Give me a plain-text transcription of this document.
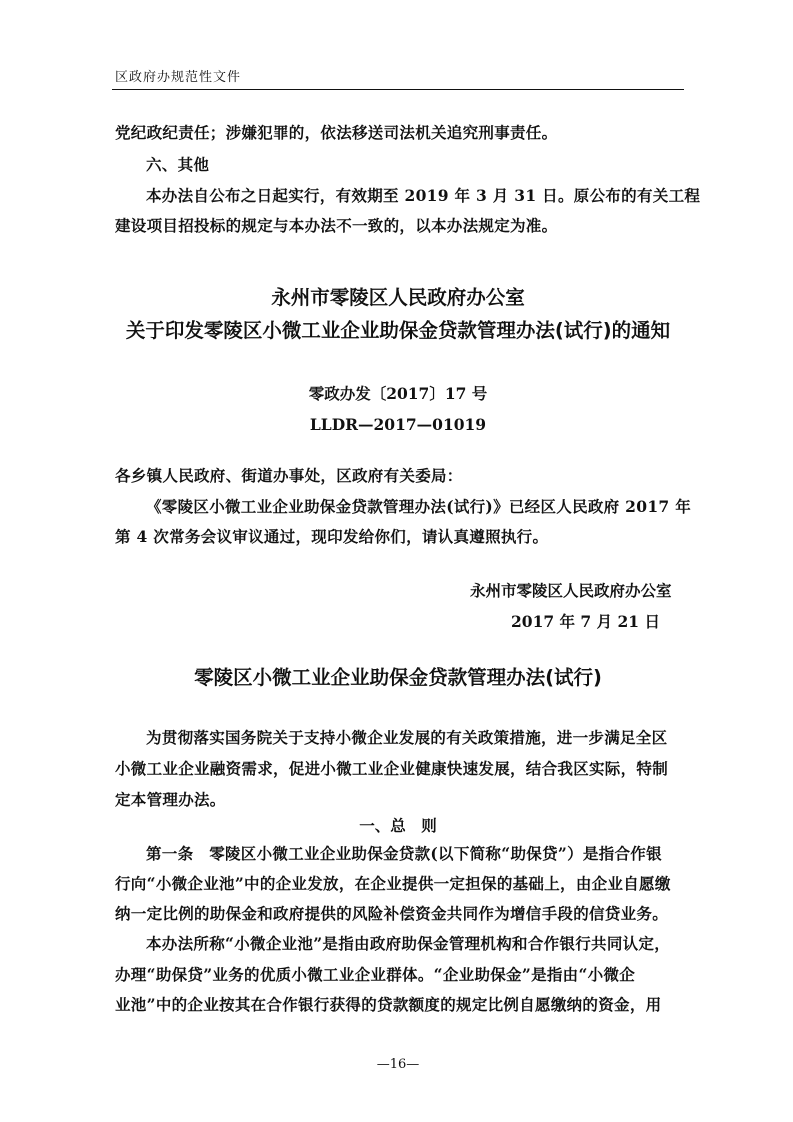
区政府办规范性文件
党纪政纪责任；涉嫌犯罪的，依法移送司法机关追究刑事责任。
六、其他
本办法自公布之日起实行，有效期至 2019 年 3 月 31 日。原公布的有关工程
建设项目招投标的规定与本办法不一致的，以本办法规定为准。
永州市零陵区人民政府办公室
关于印发零陵区小微工业企业助保金贷款管理办法(试行)的通知
零政办发〔2017〕17 号
LLDR—2017—01019
各乡镇人民政府、街道办事处，区政府有关委局：
《零陵区小微工业企业助保金贷款管理办法(试行)》已经区人民政府 2017 年
第 4 次常务会议审议通过，现印发给你们，请认真遵照执行。
永州市零陵区人民政府办公室
2017 年 7 月 21 日
零陵区小微工业企业助保金贷款管理办法(试行)
为贯彻落实国务院关于支持小微企业发展的有关政策措施，进一步满足全区
小微工业企业融资需求，促进小微工业企业健康快速发展，结合我区实际，特制
定本管理办法。
一、总　则
第一条　零陵区小微工业企业助保金贷款(以下简称“助保贷”）是指合作银
行向“小微企业池”中的企业发放，在企业提供一定担保的基础上，由企业自愿缴
纳一定比例的助保金和政府提供的风险补偿资金共同作为增信手段的信贷业务。
本办法所称“小微企业池”是指由政府助保金管理机构和合作银行共同认定，
办理“助保贷”业务的优质小微工业企业群体。“企业助保金”是指由“小微企
业池”中的企业按其在合作银行获得的贷款额度的规定比例自愿缴纳的资金，用
—16—
